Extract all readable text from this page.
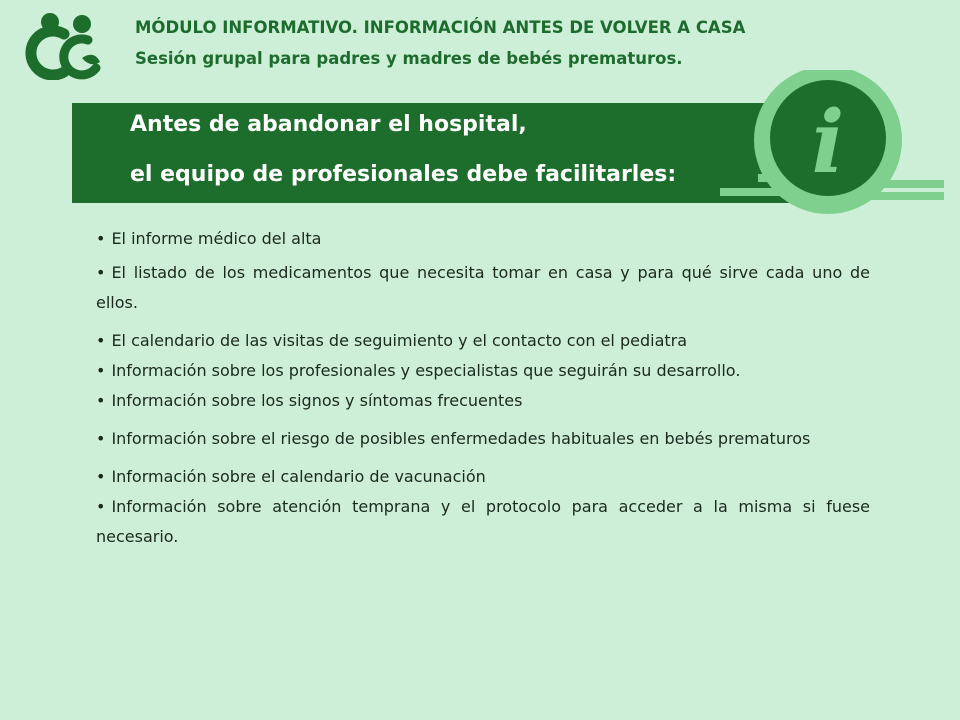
MÓDULO INFORMATIVO. INFORMACIÓN ANTES DE VOLVER A CASA
Sesión grupal para padres y madres de bebés prematuros.
Antes de abandonar el hospital,
el equipo de profesionales debe facilitarles: i

• El informe médico del alta

• El listado de los medicamentos que necesita tomar en casa y para qué sirve cada uno de ellos.

• El calendario de las visitas de seguimiento y el contacto con el pediatra

• Información sobre los profesionales y especialistas que seguirán su desarrollo.

• Información sobre los signos y síntomas frecuentes

• Información sobre el riesgo de posibles enfermedades habituales en bebés prematuros

• Información sobre el calendario de vacunación

• Información sobre atención temprana y el protocolo para acceder a la misma si fuese necesario.
